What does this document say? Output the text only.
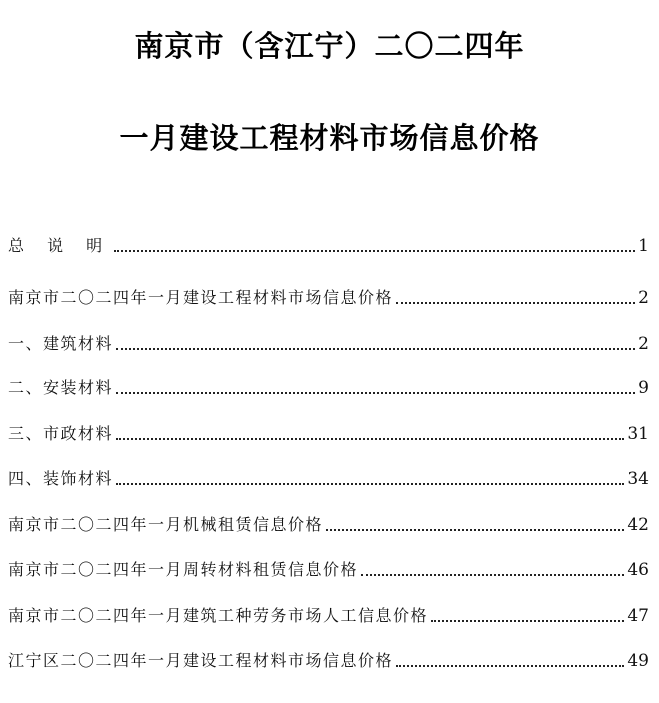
南京市（含江宁）二〇二四年
一月建设工程材料市场信息价格
总 说 明	1
南京市二〇二四年一月建设工程材料市场信息价格	2
一、建筑材料	2
二、安装材料	9
三、市政材料	31
四、装饰材料	34
南京市二〇二四年一月机械租赁信息价格	42
南京市二〇二四年一月周转材料租赁信息价格	46
南京市二〇二四年一月建筑工种劳务市场人工信息价格	47
江宁区二〇二四年一月建设工程材料市场信息价格	49
